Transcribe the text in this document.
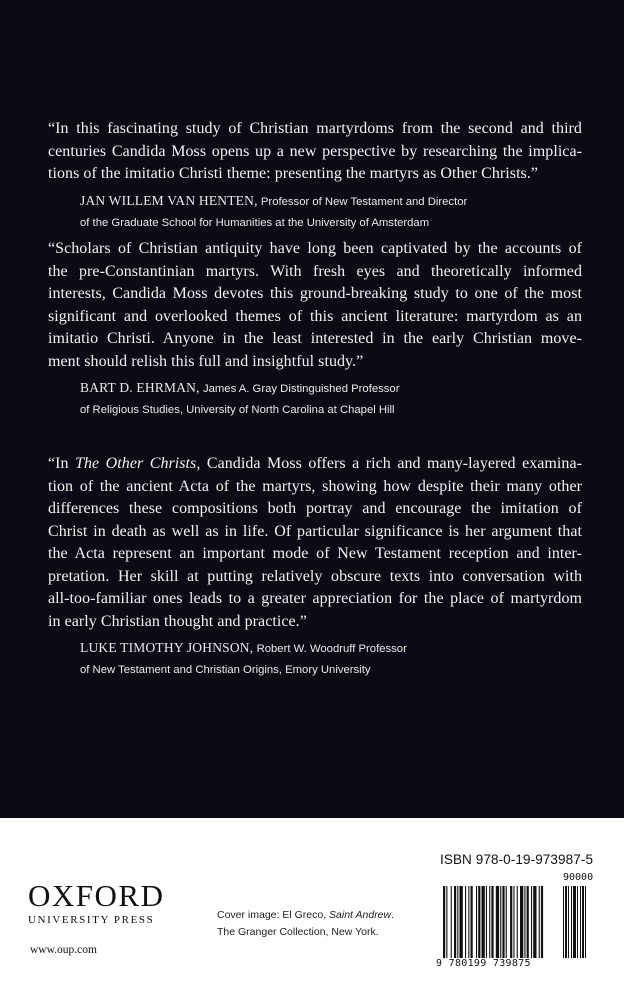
“In this fascinating study of Christian martyrdoms from the second and third
centuries Candida Moss opens up a new perspective by researching the implica-
tions of the imitatio Christi theme: presenting the martyrs as Other Christs.”

JAN WILLEM VAN HENTEN, Professor of New Testament and Director
of the Graduate School for Humanities at the University of Amsterdam

“Scholars of Christian antiquity have long been captivated by the accounts of
the pre-Constantinian martyrs. With fresh eyes and theoretically informed
interests, Candida Moss devotes this ground-breaking study to one of the most
significant and overlooked themes of this ancient literature: martyrdom as an
imitatio Christi. Anyone in the least interested in the early Christian move-
ment should relish this full and insightful study.”

BART D. EHRMAN, James A. Gray Distinguished Professor
of Religious Studies, University of North Carolina at Chapel Hill

“In The Other Christs, Candida Moss offers a rich and many-layered examina-
tion of the ancient Acta of the martyrs, showing how despite their many other
differences these compositions both portray and encourage the imitation of
Christ in death as well as in life. Of particular significance is her argument that
the Acta represent an important mode of New Testament reception and inter-
pretation. Her skill at putting relatively obscure texts into conversation with
all-too-familiar ones leads to a greater appreciation for the place of martyrdom
in early Christian thought and practice.”

LUKE TIMOTHY JOHNSON, Robert W. Woodruff Professor
of New Testament and Christian Origins, Emory University
OXFORD
UNIVERSITY PRESS
www.oup.com
Cover image: El Greco, Saint Andrew. The Granger Collection, New York.
ISBN 978-0-19-973987-5
90000
9 780199 739875
